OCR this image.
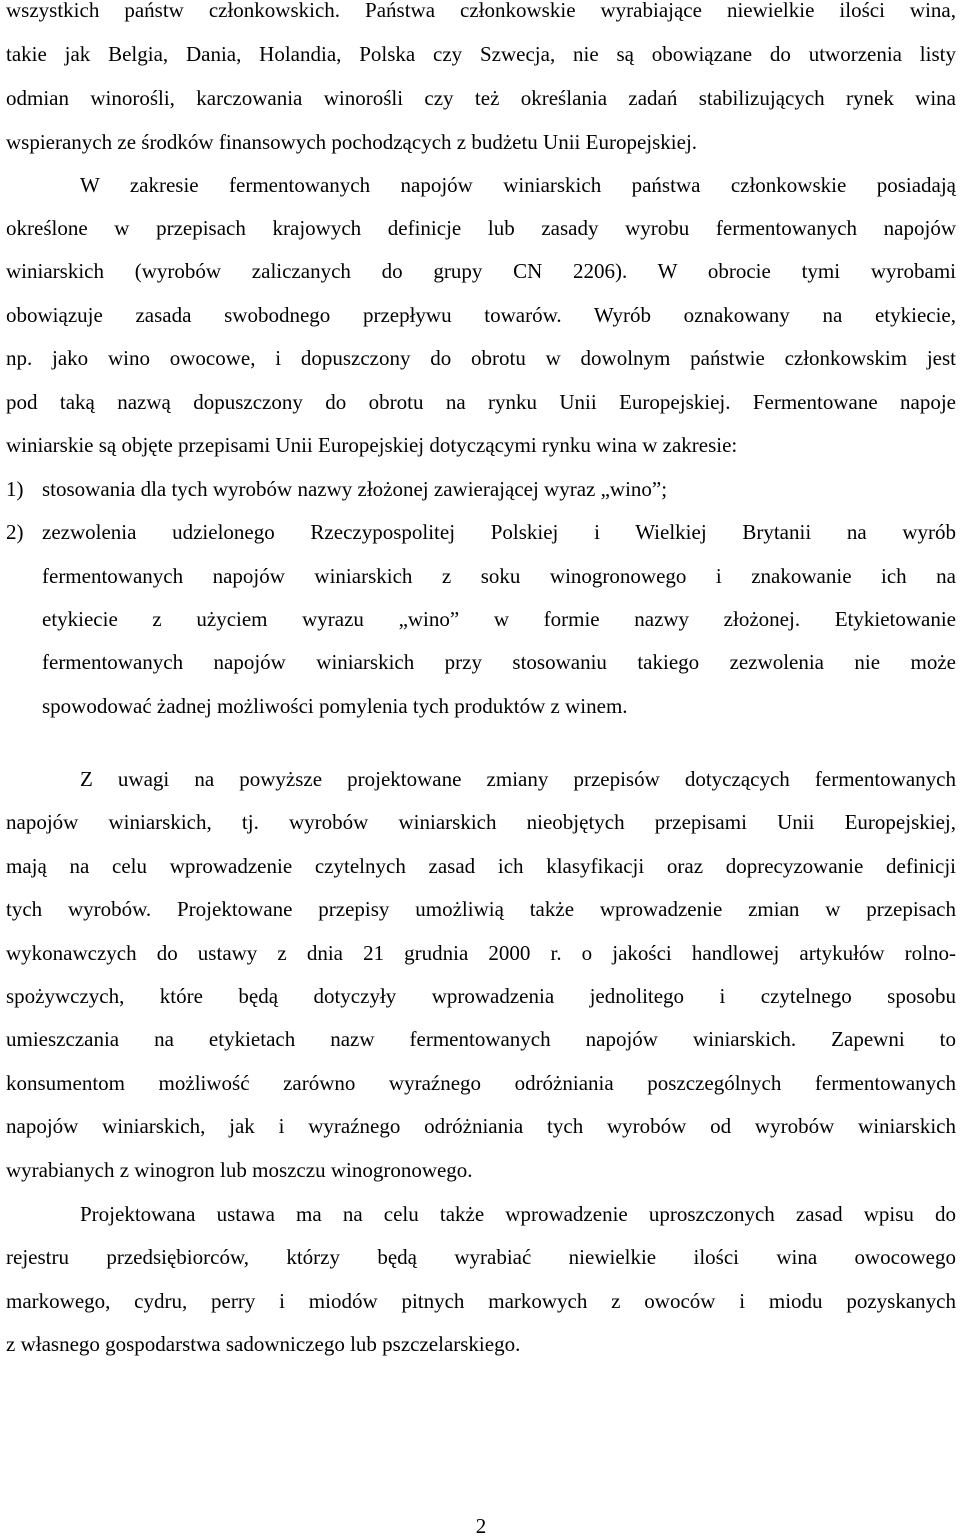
wszystkich państw członkowskich. Państwa członkowskie wyrabiające niewielkie ilości wina,
takie jak Belgia, Dania, Holandia, Polska czy Szwecja, nie są obowiązane do utworzenia listy
odmian winorośli, karczowania winorośli czy też określania zadań stabilizujących rynek wina
wspieranych ze środków finansowych pochodzących z budżetu Unii Europejskiej.
W zakresie fermentowanych napojów winiarskich państwa członkowskie posiadają
określone w przepisach krajowych definicje lub zasady wyrobu fermentowanych napojów
winiarskich (wyrobów zaliczanych do grupy CN 2206). W obrocie tymi wyrobami
obowiązuje zasada swobodnego przepływu towarów. Wyrób oznakowany na etykiecie,
np. jako wino owocowe, i dopuszczony do obrotu w dowolnym państwie członkowskim jest
pod taką nazwą dopuszczony do obrotu na rynku Unii Europejskiej. Fermentowane napoje
winiarskie są objęte przepisami Unii Europejskiej dotyczącymi rynku wina w zakresie:
1) stosowania dla tych wyrobów nazwy złożonej zawierającej wyraz „wino”;
2) zezwolenia udzielonego Rzeczypospolitej Polskiej i Wielkiej Brytanii na wyrób
fermentowanych napojów winiarskich z soku winogronowego i znakowanie ich na
etykiecie z użyciem wyrazu „wino” w formie nazwy złożonej. Etykietowanie
fermentowanych napojów winiarskich przy stosowaniu takiego zezwolenia nie może
spowodować żadnej możliwości pomylenia tych produktów z winem.
Z uwagi na powyższe projektowane zmiany przepisów dotyczących fermentowanych
napojów winiarskich, tj. wyrobów winiarskich nieobjętych przepisami Unii Europejskiej,
mają na celu wprowadzenie czytelnych zasad ich klasyfikacji oraz doprecyzowanie definicji
tych wyrobów. Projektowane przepisy umożliwią także wprowadzenie zmian w przepisach
wykonawczych do ustawy z dnia 21 grudnia 2000 r. o jakości handlowej artykułów rolno-
spożywczych, które będą dotyczyły wprowadzenia jednolitego i czytelnego sposobu
umieszczania na etykietach nazw fermentowanych napojów winiarskich. Zapewni to
konsumentom możliwość zarówno wyraźnego odróżniania poszczególnych fermentowanych
napojów winiarskich, jak i wyraźnego odróżniania tych wyrobów od wyrobów winiarskich
wyrabianych z winogron lub moszczu winogronowego.
Projektowana ustawa ma na celu także wprowadzenie uproszczonych zasad wpisu do
rejestru przedsiębiorców, którzy będą wyrabiać niewielkie ilości wina owocowego
markowego, cydru, perry i miodów pitnych markowych z owoców i miodu pozyskanych
z własnego gospodarstwa sadowniczego lub pszczelarskiego.
2
